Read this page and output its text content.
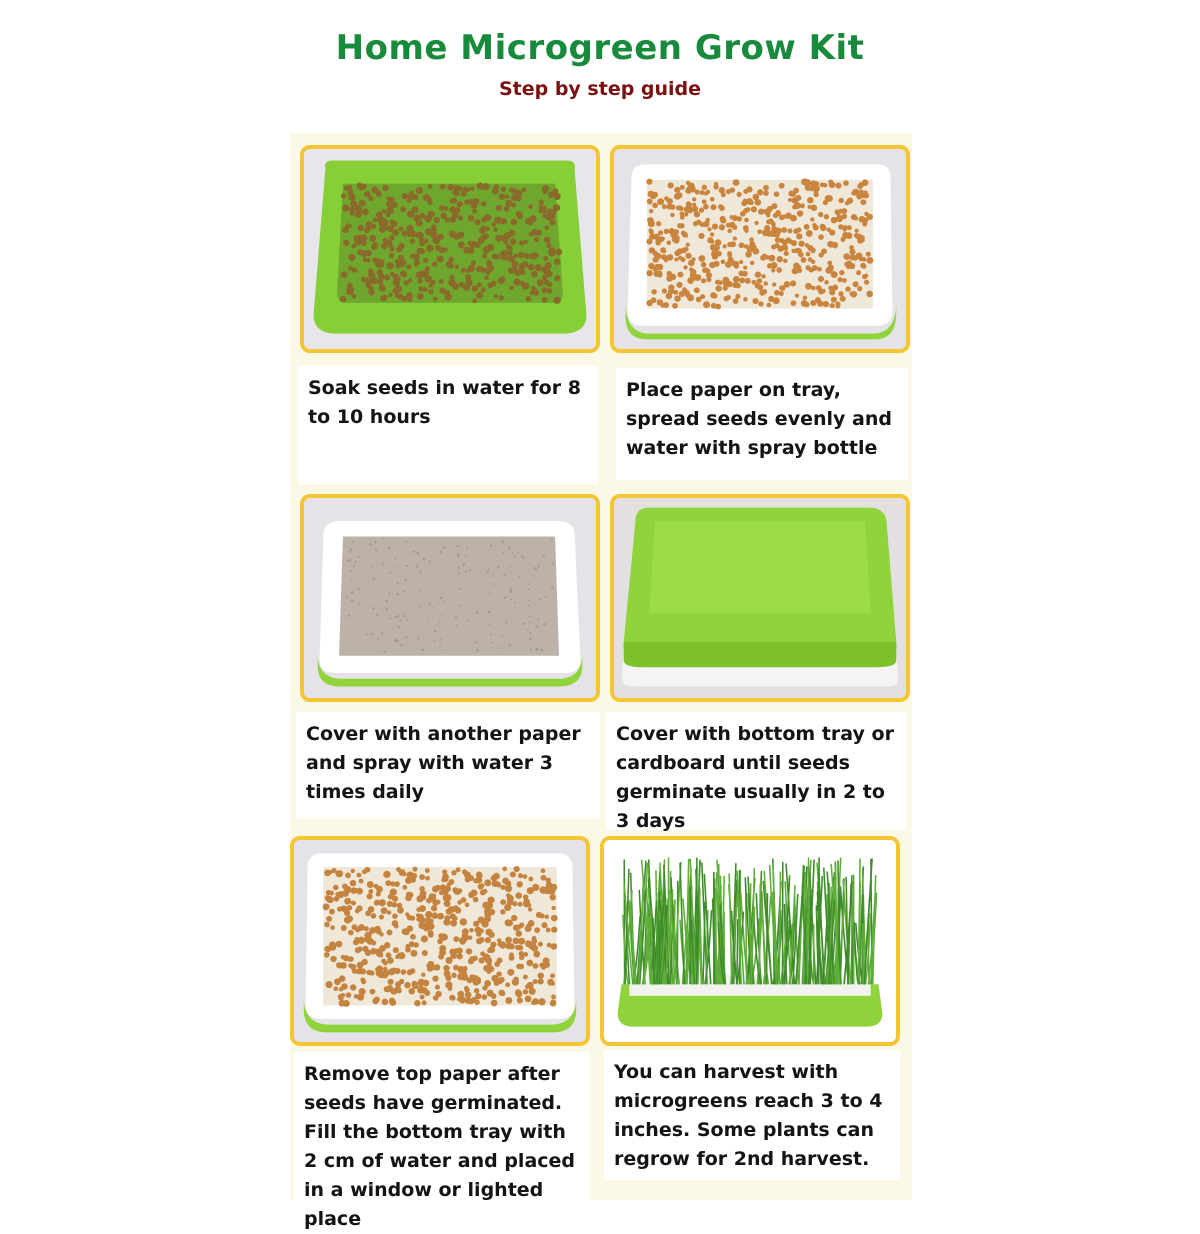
Home Microgreen Grow Kit
Step by step guide
Soak seeds in water for 8 to 10 hours
Place paper on tray, spread seeds evenly and water with spray bottle
Cover with another paper and spray with water 3 times daily
Cover with bottom tray or cardboard until seeds germinate usually in 2 to 3 days
Remove top paper after seeds have germinated. Fill the bottom tray with 2 cm of water and placed in a window or lighted place
You can harvest with microgreens reach 3 to 4 inches. Some plants can regrow for 2nd harvest.
